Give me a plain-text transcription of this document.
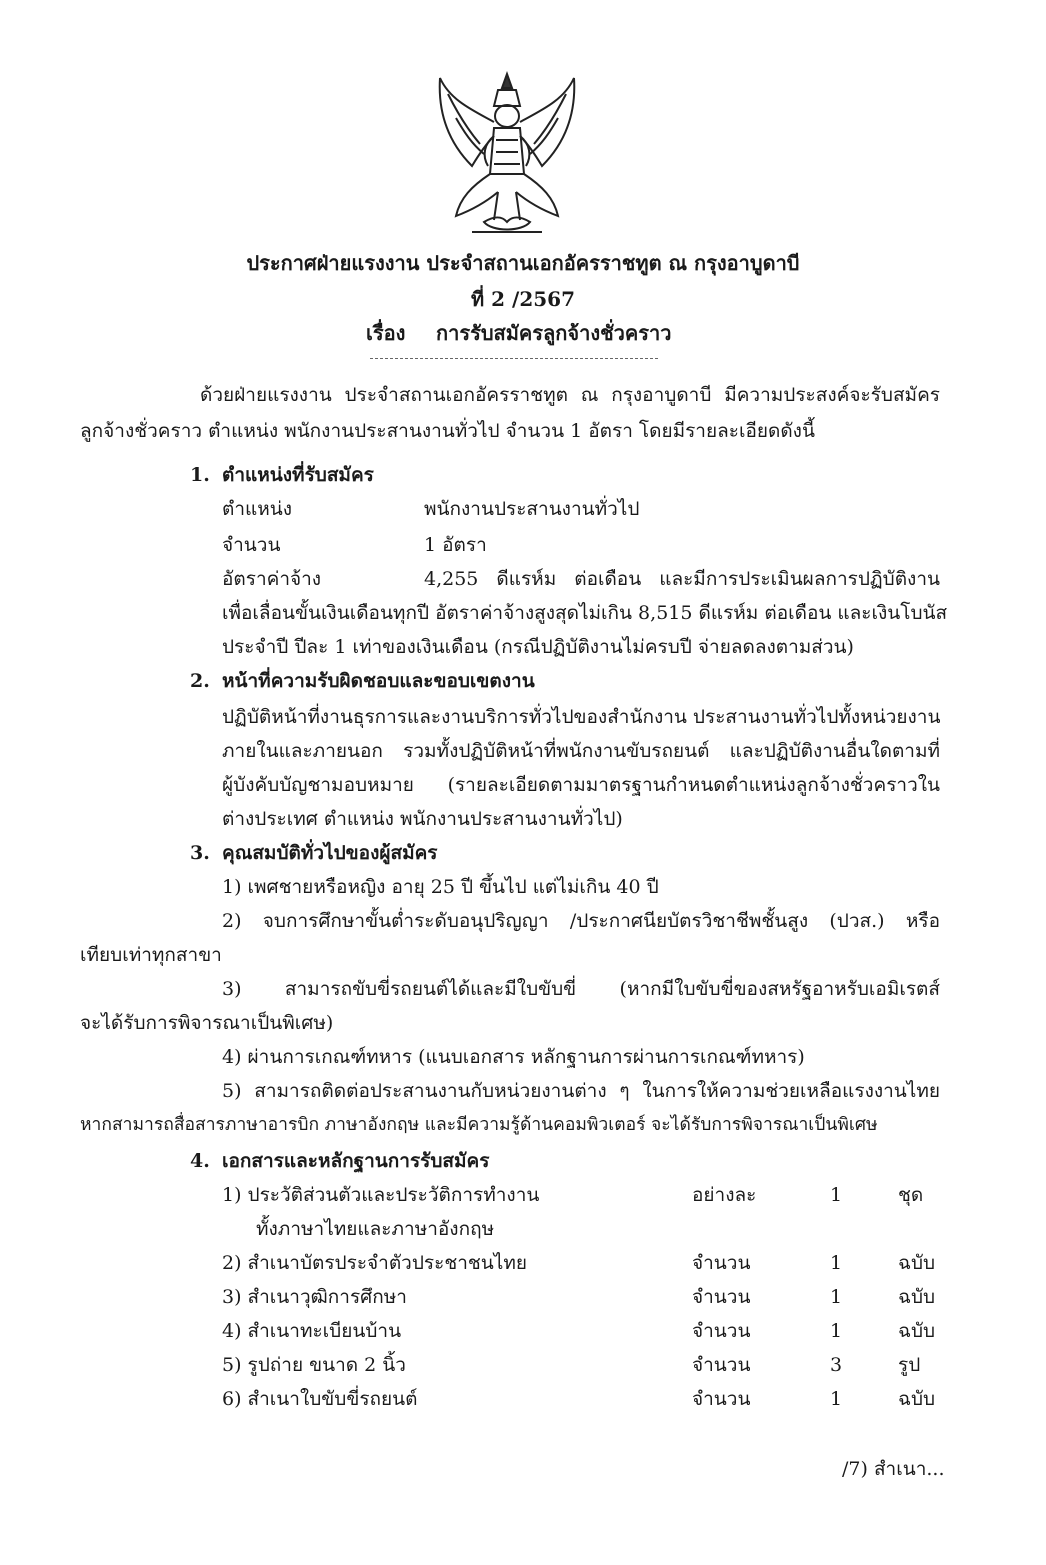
ประกาศฝ่ายแรงงาน ประจำสถานเอกอัครราชทูต ณ กรุงอาบูดาบี
ที่ 2 /2567
เรื่อง การรับสมัครลูกจ้างชั่วคราว
ด้วยฝ่ายแรงงาน ประจำสถานเอกอัครราชทูต ณ กรุงอาบูดาบี มีความประสงค์จะรับสมัคร
ลูกจ้างชั่วคราว ตำแหน่ง พนักงานประสานงานทั่วไป จำนวน 1 อัตรา โดยมีรายละเอียดดังนี้
1. ตำแหน่งที่รับสมัคร
ตำแหน่ง	พนักงานประสานงานทั่วไป
จำนวน	1 อัตรา
อัตราค่าจ้าง	4,255 ดีแรห์ม ต่อเดือน และมีการประเมินผลการปฏิบัติงาน
เพื่อเลื่อนขั้นเงินเดือนทุกปี อัตราค่าจ้างสูงสุดไม่เกิน 8,515 ดีแรห์ม ต่อเดือน และเงินโบนัส
ประจำปี ปีละ 1 เท่าของเงินเดือน (กรณีปฏิบัติงานไม่ครบปี จ่ายลดลงตามส่วน)
2. หน้าที่ความรับผิดชอบและขอบเขตงาน
ปฏิบัติหน้าที่งานธุรการและงานบริการทั่วไปของสำนักงาน ประสานงานทั่วไปทั้งหน่วยงาน
ภายในและภายนอก รวมทั้งปฏิบัติหน้าที่พนักงานขับรถยนต์ และปฏิบัติงานอื่นใดตามที่
ผู้บังคับบัญชามอบหมาย (รายละเอียดตามมาตรฐานกำหนดตำแหน่งลูกจ้างชั่วคราวใน
ต่างประเทศ ตำแหน่ง พนักงานประสานงานทั่วไป)
3. คุณสมบัติทั่วไปของผู้สมัคร
1) เพศชายหรือหญิง อายุ 25 ปี ขึ้นไป แต่ไม่เกิน 40 ปี
2) จบการศึกษาขั้นต่ำระดับอนุปริญญา /ประกาศนียบัตรวิชาชีพชั้นสูง (ปวส.) หรือ
เทียบเท่าทุกสาขา
3) สามารถขับขี่รถยนต์ได้และมีใบขับขี่ (หากมีใบขับขี่ของสหรัฐอาหรับเอมิเรตส์
จะได้รับการพิจารณาเป็นพิเศษ)
4) ผ่านการเกณฑ์ทหาร (แนบเอกสาร หลักฐานการผ่านการเกณฑ์ทหาร)
5) สามารถติดต่อประสานงานกับหน่วยงานต่าง ๆ ในการให้ความช่วยเหลือแรงงานไทย
หากสามารถสื่อสารภาษาอารบิก ภาษาอังกฤษ และมีความรู้ด้านคอมพิวเตอร์ จะได้รับการพิจารณาเป็นพิเศษ
4. เอกสารและหลักฐานการรับสมัคร
1) ประวัติส่วนตัวและประวัติการทำงาน
ทั้งภาษาไทยและภาษาอังกฤษ
อย่างละ	1	ชุด
2) สำเนาบัตรประจำตัวประชาชนไทย	จำนวน	1	ฉบับ
3) สำเนาวุฒิการศึกษา	จำนวน	1	ฉบับ
4) สำเนาทะเบียนบ้าน	จำนวน	1	ฉบับ
5) รูปถ่าย ขนาด 2 นิ้ว	จำนวน	3	รูป
6) สำเนาใบขับขี่รถยนต์	จำนวน	1	ฉบับ
/7) สำเนา...
